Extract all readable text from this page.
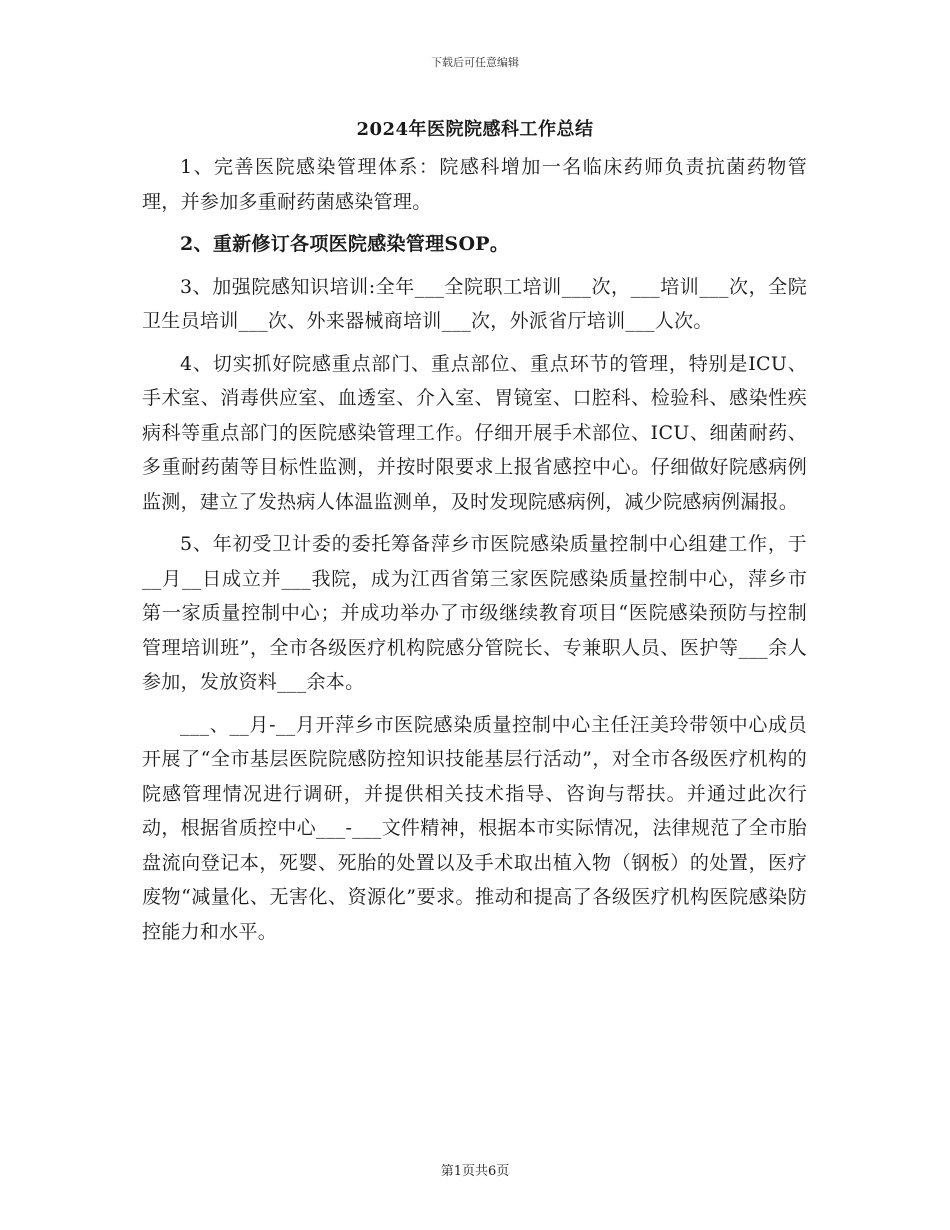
下载后可任意编辑
2024年医院院感科工作总结

1、完善医院感染管理体系：院感科增加一名临床药师负责抗菌药物管理，并参加多重耐药菌感染管理。

2、重新修订各项医院感染管理SOP。

3、加强院感知识培训:全年___全院职工培训___次，___培训___次，全院卫生员培训___次、外来器械商培训___次，外派省厅培训___人次。

4、切实抓好院感重点部门、重点部位、重点环节的管理，特别是ICU、手术室、消毒供应室、血透室、介入室、胃镜室、口腔科、检验科、感染性疾病科等重点部门的医院感染管理工作。仔细开展手术部位、ICU、细菌耐药、多重耐药菌等目标性监测，并按时限要求上报省感控中心。仔细做好院感病例监测，建立了发热病人体温监测单，及时发现院感病例，减少院感病例漏报。

5、年初受卫计委的委托筹备萍乡市医院感染质量控制中心组建工作，于__月__日成立并___我院，成为江西省第三家医院感染质量控制中心，萍乡市第一家质量控制中心；并成功举办了市级继续教育项目“医院感染预防与控制管理培训班”，全市各级医疗机构院感分管院长、专兼职人员、医护等___余人参加，发放资料___余本。

___、__月-__月开萍乡市医院感染质量控制中心主任汪美玲带领中心成员开展了“全市基层医院院感防控知识技能基层行活动”，对全市各级医疗机构的院感管理情况进行调研，并提供相关技术指导、咨询与帮扶。并通过此次行动，根据省质控中心___-___文件精神，根据本市实际情况，法律规范了全市胎盘流向登记本，死婴、死胎的处置以及手术取出植入物（钢板）的处置，医疗废物“减量化、无害化、资源化”要求。推动和提高了各级医疗机构医院感染防控能力和水平。

第1页共6页
